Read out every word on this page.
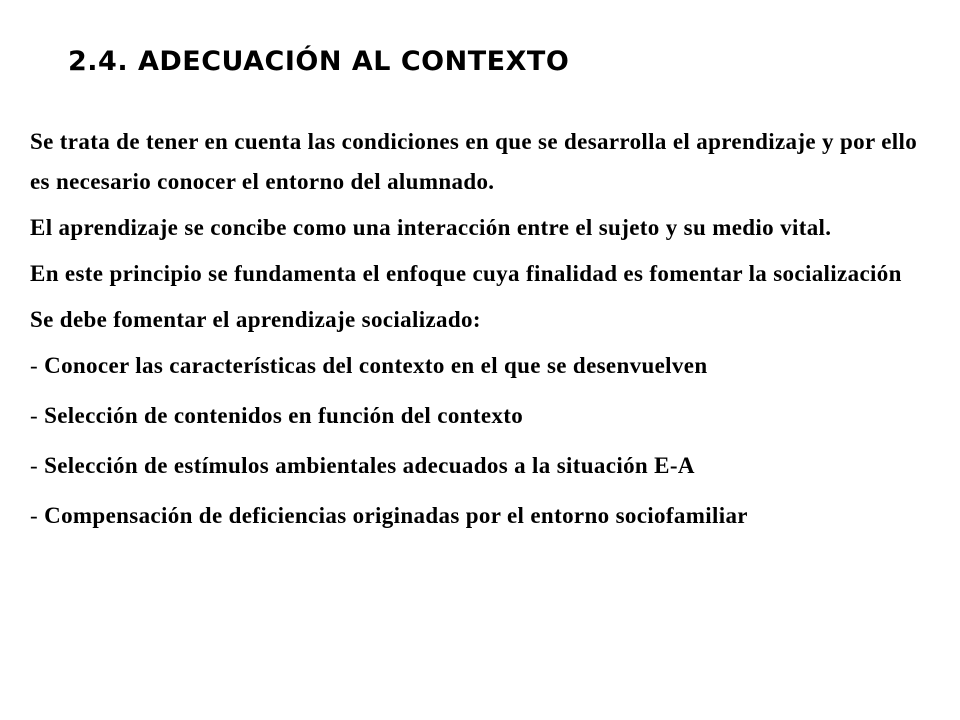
2.4. ADECUACIÓN AL CONTEXTO

Se trata de tener en cuenta las condiciones en que se desarrolla el aprendizaje y por ello es necesario conocer el entorno del alumnado.

El aprendizaje se concibe como una interacción entre el sujeto y su medio vital.

En este principio se fundamenta el enfoque cuya finalidad es fomentar la socialización

Se debe fomentar el aprendizaje socializado:

- Conocer las características del contexto en el que se desenvuelven
- Selección de contenidos en función del contexto
- Selección de estímulos ambientales adecuados a la situación E-A
- Compensación de deficiencias originadas por el entorno sociofamiliar
